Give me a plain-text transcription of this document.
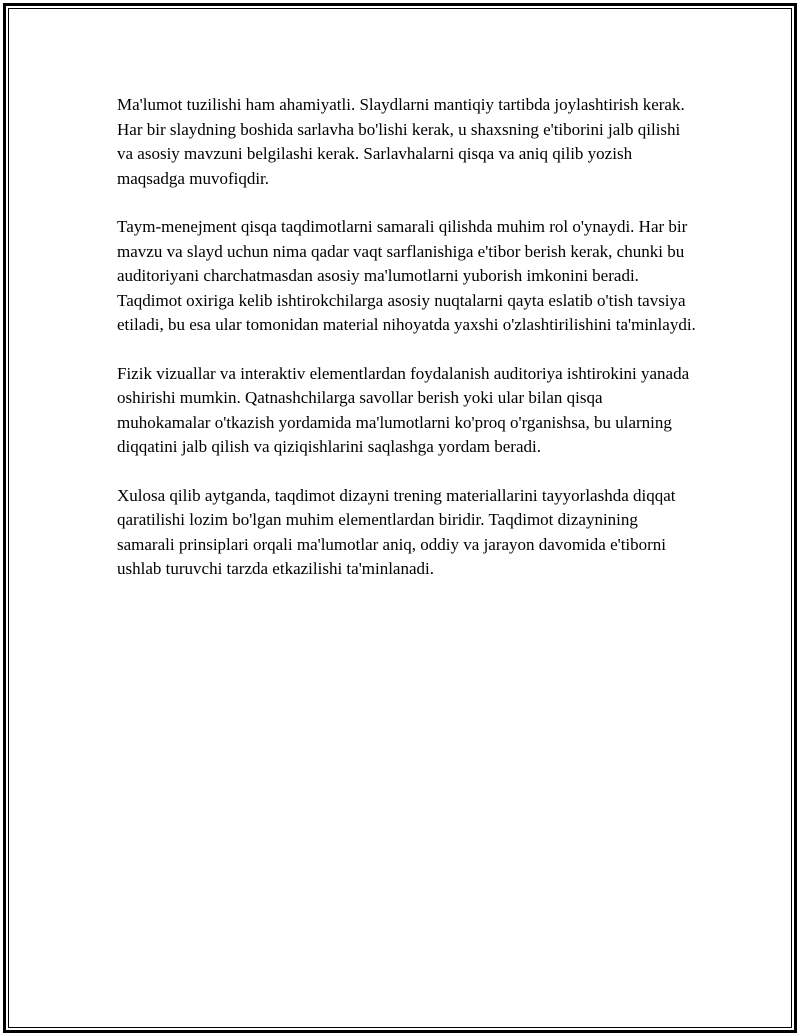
Ma'lumot tuzilishi ham ahamiyatli. Slaydlarni mantiqiy tartibda joylashtirish kerak. Har bir slaydning boshida sarlavha bo'lishi kerak, u shaxsning e'tiborini jalb qilishi va asosiy mavzuni belgilashi kerak. Sarlavhalarni qisqa va aniq qilib yozish maqsadga muvofiqdir.

Taym-menejment qisqa taqdimotlarni samarali qilishda muhim rol o'ynaydi. Har bir mavzu va slayd uchun nima qadar vaqt sarflanishiga e'tibor berish kerak, chunki bu auditoriyani charchatmasdan asosiy ma'lumotlarni yuborish imkonini beradi. Taqdimot oxiriga kelib ishtirokchilarga asosiy nuqtalarni qayta eslatib o'tish tavsiya etiladi, bu esa ular tomonidan material nihoyatda yaxshi o'zlashtirilishini ta'minlaydi.

Fizik vizuallar va interaktiv elementlardan foydalanish auditoriya ishtirokini yanada oshirishi mumkin. Qatnashchilarga savollar berish yoki ular bilan qisqa muhokamalar o'tkazish yordamida ma'lumotlarni ko'proq o'rganishsa, bu ularning diqqatini jalb qilish va qiziqishlarini saqlashga yordam beradi.

Xulosa qilib aytganda, taqdimot dizayni trening materiallarini tayyorlashda diqqat qaratilishi lozim bo'lgan muhim elementlardan biridir. Taqdimot dizaynining samarali prinsiplari orqali ma'lumotlar aniq, oddiy va jarayon davomida e'tiborni ushlab turuvchi tarzda etkazilishi ta'minlanadi.
